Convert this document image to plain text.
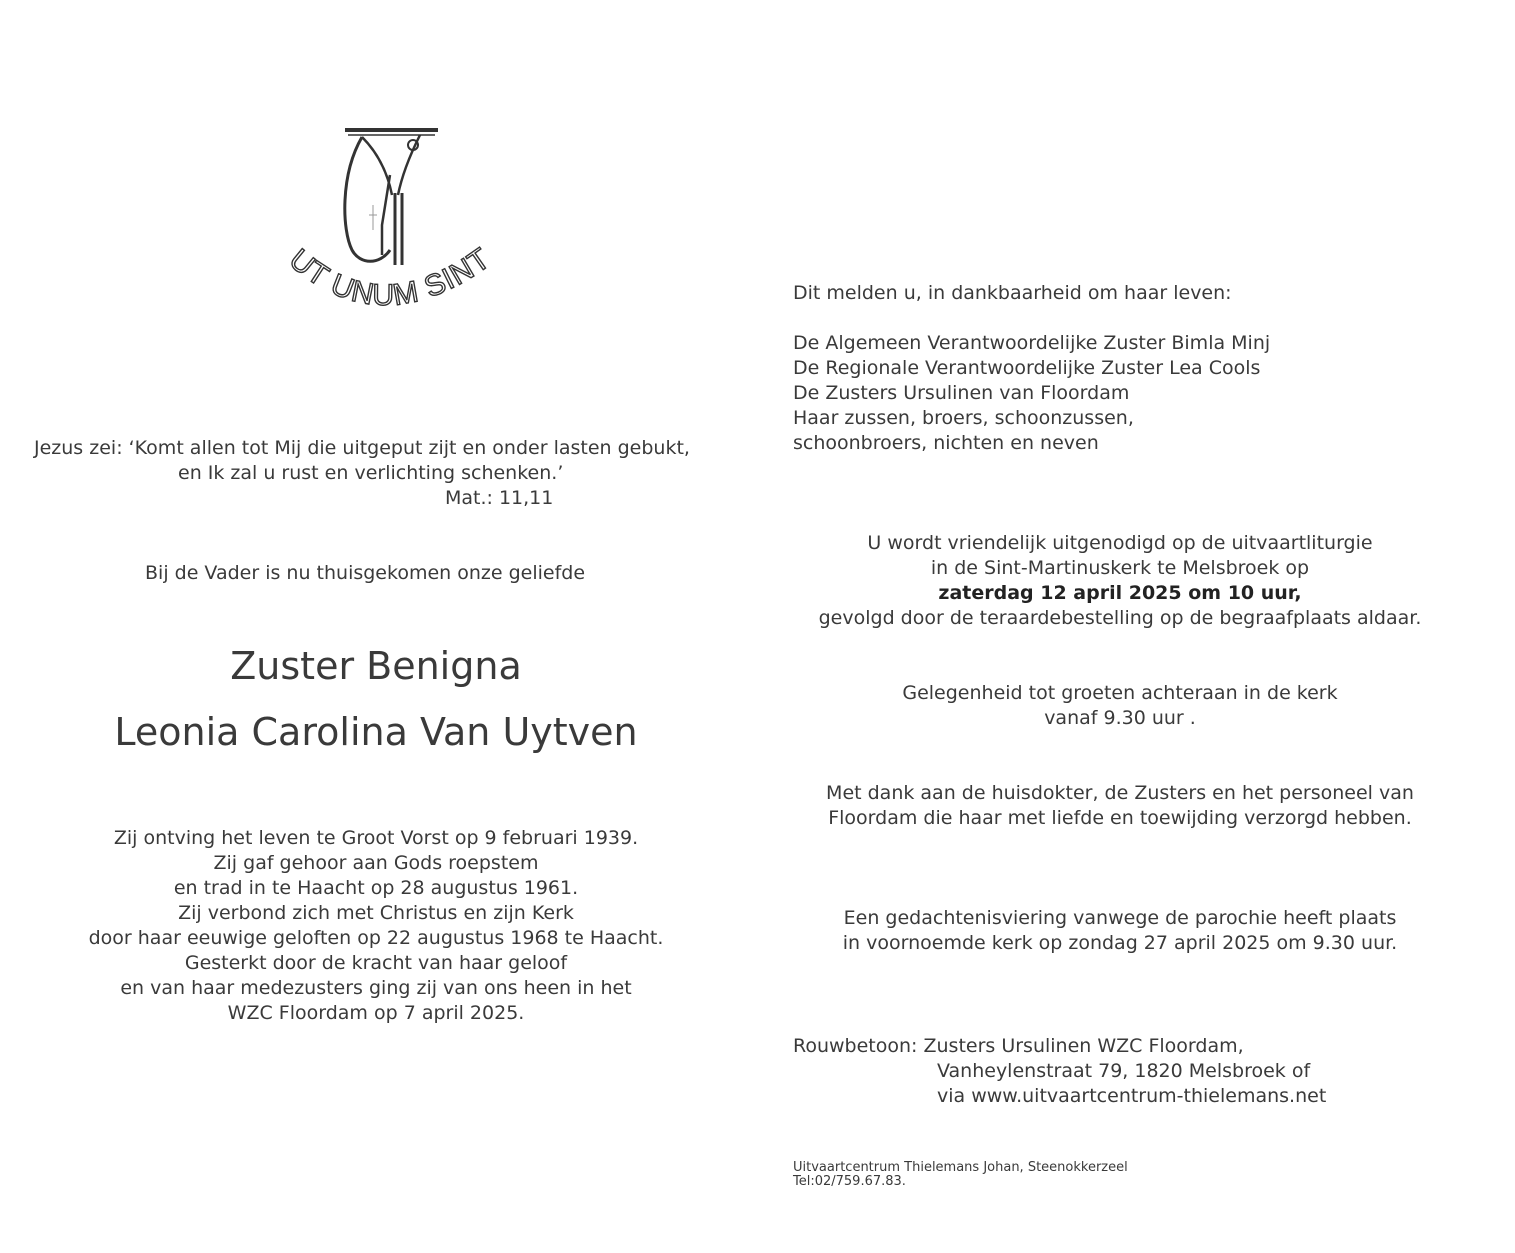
UT UNUM SINT
Jezus zei: ‘Komt allen tot Mij die uitgeput zijt en onder lasten gebukt,
en Ik zal u rust en verlichting schenken.’
Mat.: 11,11
Bij de Vader is nu thuisgekomen onze geliefde
Zuster Benigna
Leonia Carolina Van Uytven
Zij ontving het leven te Groot Vorst op 9 februari 1939.
Zij gaf gehoor aan Gods roepstem
en trad in te Haacht op 28 augustus 1961.
Zij verbond zich met Christus en zijn Kerk
door haar eeuwige geloften op 22 augustus 1968 te Haacht.
Gesterkt door de kracht van haar geloof
en van haar medezusters ging zij van ons heen in het
WZC Floordam op 7 april 2025.
Dit melden u, in dankbaarheid om haar leven:
De Algemeen Verantwoordelijke Zuster Bimla Minj
De Regionale Verantwoordelijke Zuster Lea Cools
De Zusters Ursulinen van Floordam
Haar zussen, broers, schoonzussen,
schoonbroers, nichten en neven
U wordt vriendelijk uitgenodigd op de uitvaartliturgie
in de Sint-Martinuskerk te Melsbroek op
zaterdag 12 april 2025 om 10 uur,
gevolgd door de teraardebestelling op de begraafplaats aldaar.
Gelegenheid tot groeten achteraan in de kerk
vanaf 9.30 uur .
Met dank aan de huisdokter, de Zusters en het personeel van
Floordam die haar met liefde en toewijding verzorgd hebben.
Een gedachtenisviering vanwege de parochie heeft plaats
in voornoemde kerk op zondag 27 april 2025 om 9.30 uur.
Rouwbetoon: Zusters Ursulinen WZC Floordam,
Vanheylenstraat 79, 1820 Melsbroek of
via www.uitvaartcentrum-thielemans.net
Uitvaartcentrum Thielemans Johan, Steenokkerzeel
Tel:02/759.67.83.
